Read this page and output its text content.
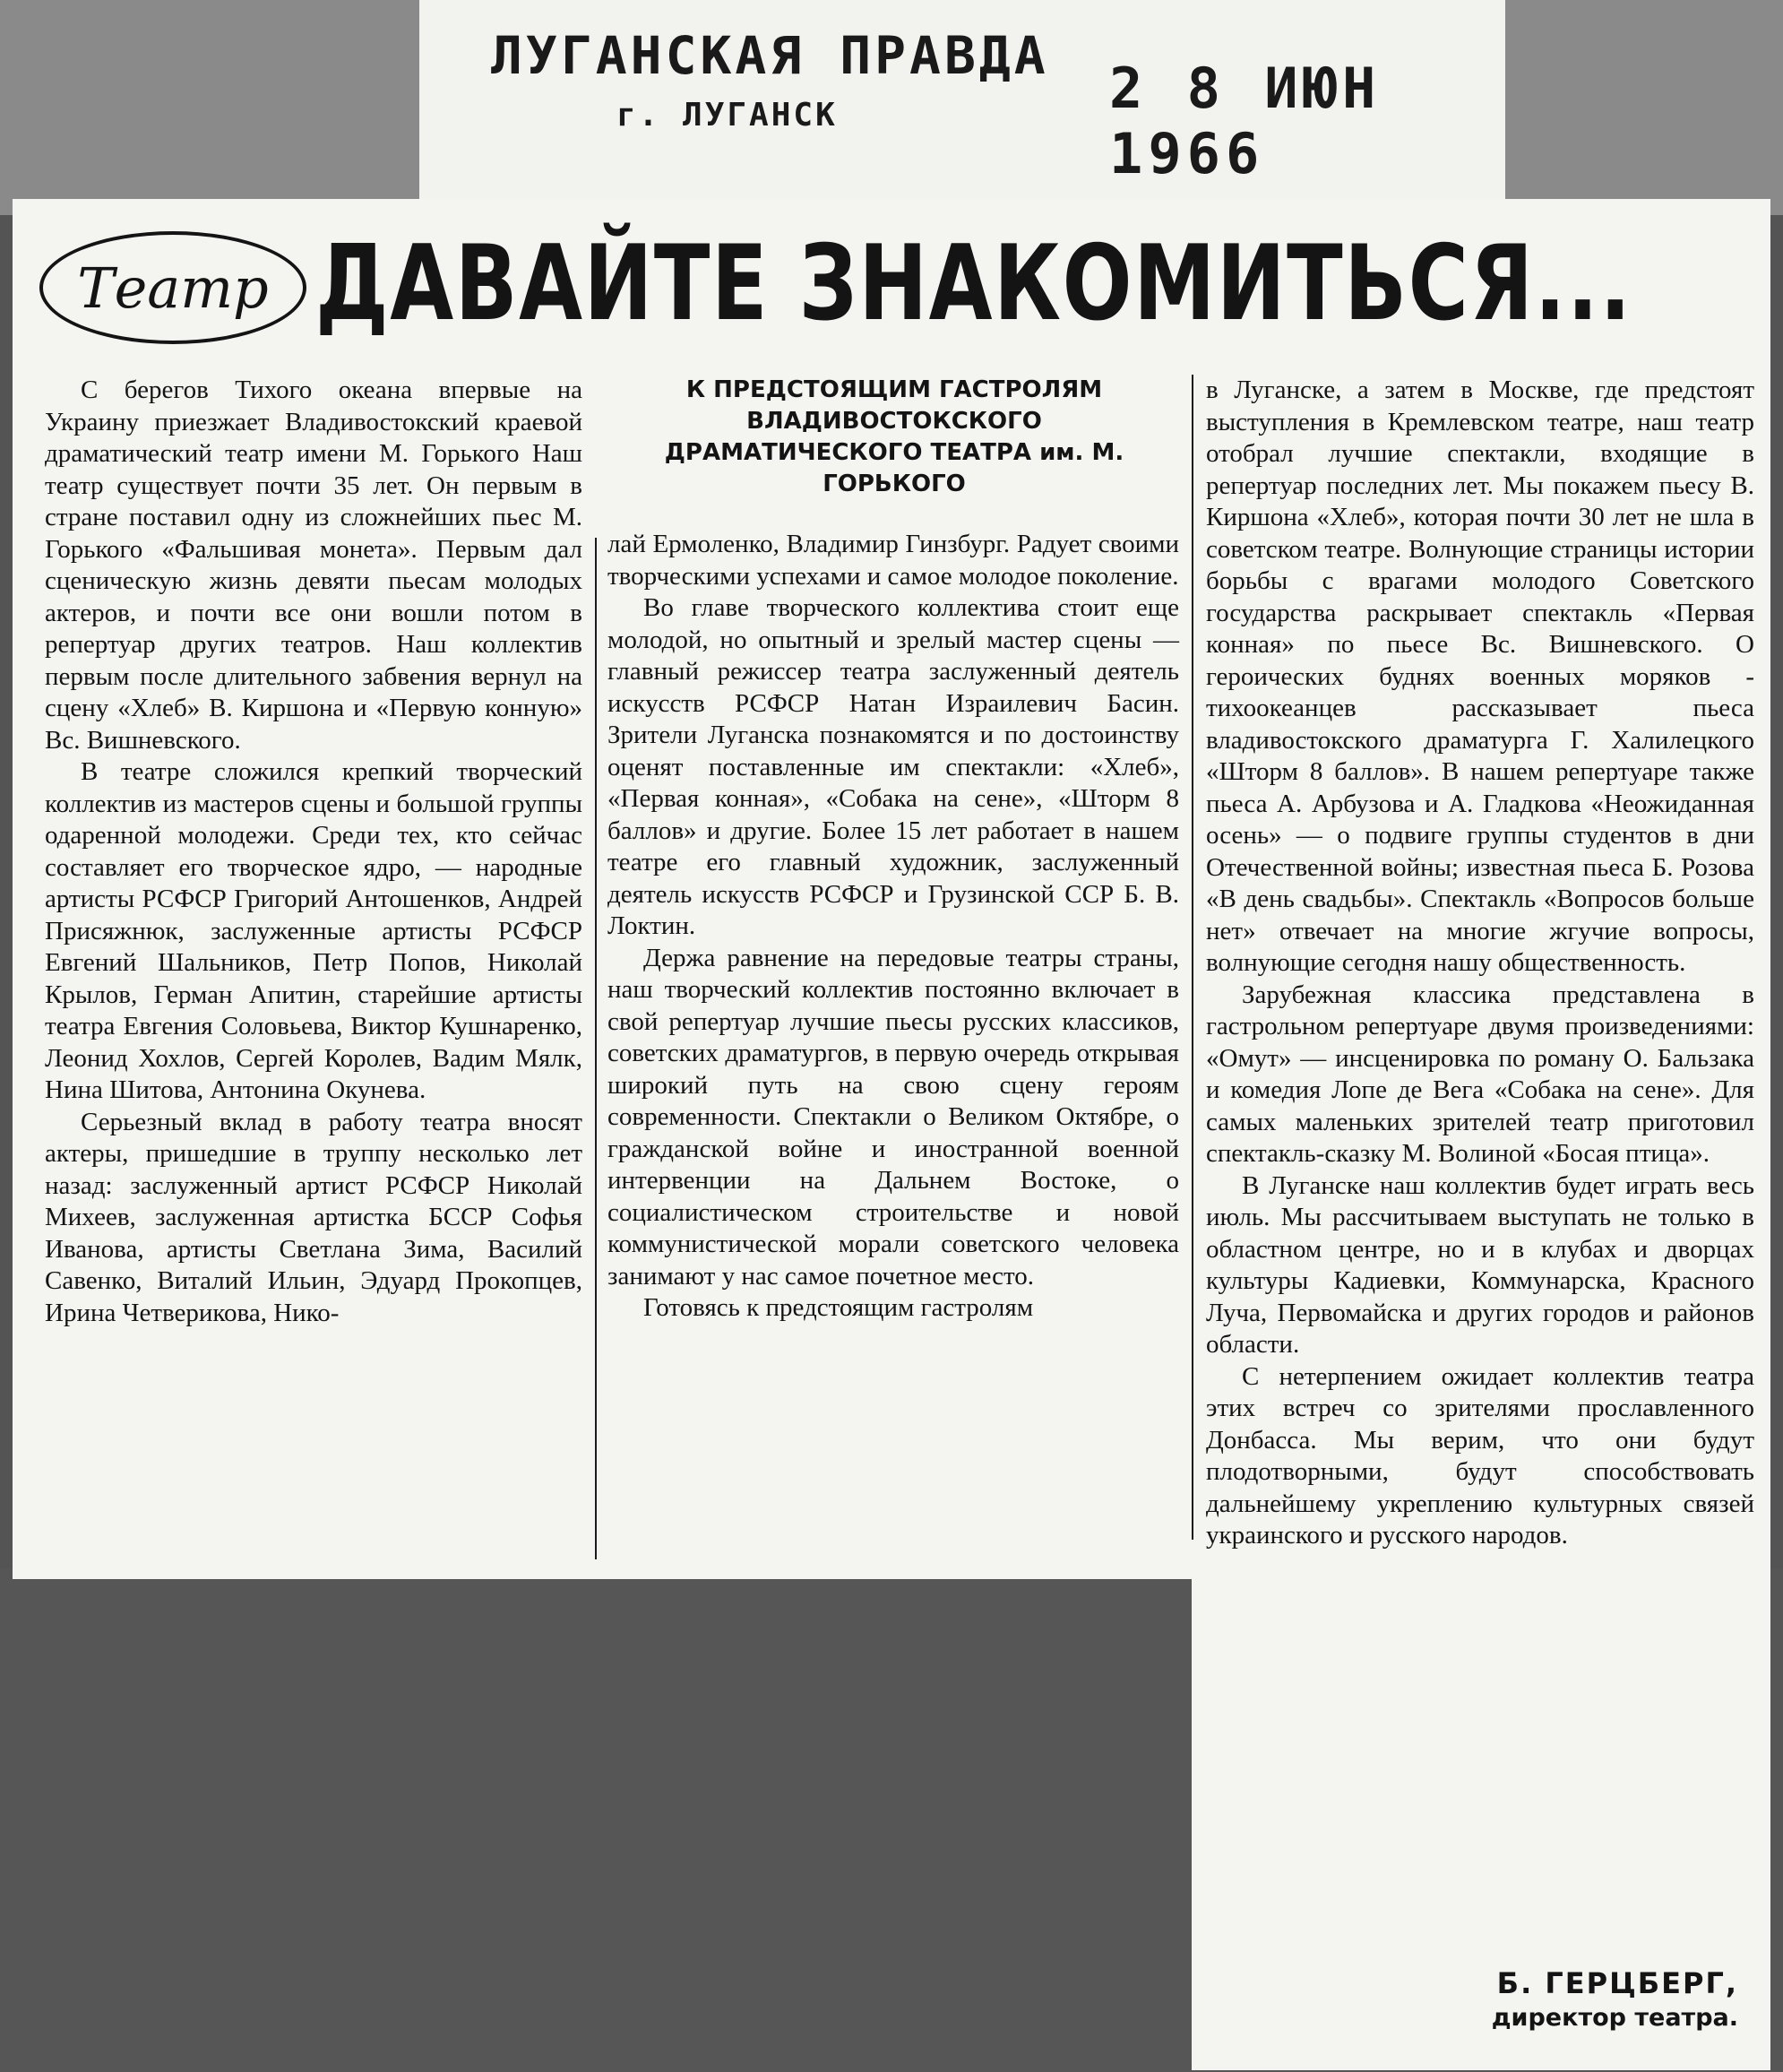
ЛУГАНСКАЯ ПРАВДА
г. ЛУГАНСК	2 8 ИЮН 1966
Театр ДАВАЙТЕ ЗНАКОМИТЬСЯ...
К ПРЕДСТОЯЩИМ ГАСТРОЛЯМ ВЛАДИВОСТОКСКОГО ДРАМАТИЧЕСКОГО ТЕАТРА им. М. ГОРЬКОГО

С берегов Тихого океана впервые на Украину приезжает Владивостокский краевой драматический театр имени М. Горького Наш театр существует почти 35 лет. Он первым в стране поставил одну из сложнейших пьес М. Горького «Фальшивая монета». Первым дал сценическую жизнь девяти пьесам молодых актеров, и почти все они вошли потом в репертуар других театров. Наш коллектив первым после длительного забвения вернул на сцену «Хлеб» В. Киршона и «Первую конную» Вс. Вишневского.

В театре сложился крепкий творческий коллектив из мастеров сцены и большой группы одаренной молодежи. Среди тех, кто сейчас составляет его творческое ядро, — народные артисты РСФСР Григорий Антошенков, Андрей Присяжнюк, заслуженные артисты РСФСР Евгений Шальников, Петр Попов, Николай Крылов, Герман Апитин, старейшие артисты театра Евгения Соловьева, Виктор Кушнаренко, Леонид Хохлов, Сергей Королев, Вадим Мялк, Нина Шитова, Антонина Окунева.

Серьезный вклад в работу театра вносят актеры, пришедшие в труппу несколько лет назад: заслуженный артист РСФСР Николай Михеев, заслуженная артистка БССР Софья Иванова, артисты Светлана Зима, Василий Савенко, Виталий Ильин, Эдуард Прокопцев, Ирина Четверикова, Нико-

лай Ермоленко, Владимир Гинзбург. Радует своими творческими успехами и самое молодое поколение.

Во главе творческого коллектива стоит еще молодой, но опытный и зрелый мастер сцены — главный режиссер театра заслуженный деятель искусств РСФСР Натан Израилевич Басин. Зрители Луганска познакомятся и по достоинству оценят поставленные им спектакли: «Хлеб», «Первая конная», «Собака на сене», «Шторм 8 баллов» и другие. Более 15 лет работает в нашем театре его главный художник, заслуженный деятель искусств РСФСР и Грузинской ССР Б. В. Локтин.

Держа равнение на передовые театры страны, наш творческий коллектив постоянно включает в свой репертуар лучшие пьесы русских классиков, советских драматургов, в первую очередь открывая широкий путь на свою сцену героям современности. Спектакли о Великом Октябре, о гражданской войне и иностранной военной интервенции на Дальнем Востоке, о социалистическом строительстве и новой коммунистической морали советского человека занимают у нас самое почетное место.

Готовясь к предстоящим гастролям

в Луганске, а затем в Москве, где предстоят выступления в Кремлевском театре, наш театр отобрал лучшие спектакли, входящие в репертуар последних лет. Мы покажем пьесу В. Киршона «Хлеб», которая почти 30 лет не шла в советском театре. Волнующие страницы истории борьбы с врагами молодого Советского государства раскрывает спектакль «Первая конная» по пьесе Вс. Вишневского. О героических буднях военных моряков - тихоокеанцев рассказывает пьеса владивостокского драматурга Г. Халилецкого «Шторм 8 баллов». В нашем репертуаре также пьеса А. Арбузова и А. Гладкова «Неожиданная осень» — о подвиге группы студентов в дни Отечественной войны; известная пьеса Б. Розова «В день свадьбы». Спектакль «Вопросов больше нет» отвечает на многие жгучие вопросы, волнующие сегодня нашу общественность.

Зарубежная классика представлена в гастрольном репертуаре двумя произведениями: «Омут» — инсценировка по роману О. Бальзака и комедия Лопе де Вега «Собака на сене». Для самых маленьких зрителей театр приготовил спектакль-сказку М. Волиной «Босая птица».

В Луганске наш коллектив будет играть весь июль. Мы рассчитываем выступать не только в областном центре, но и в клубах и дворцах культуры Кадиевки, Коммунарска, Красного Луча, Первомайска и других городов и районов области.

С нетерпением ожидает коллектив театра этих встреч со зрителями прославленного Донбасса. Мы верим, что они будут плодотворными, будут способствовать дальнейшему укреплению культурных связей украинского и русского народов.

Б. ГЕРЦБЕРГ,
директор театра.
